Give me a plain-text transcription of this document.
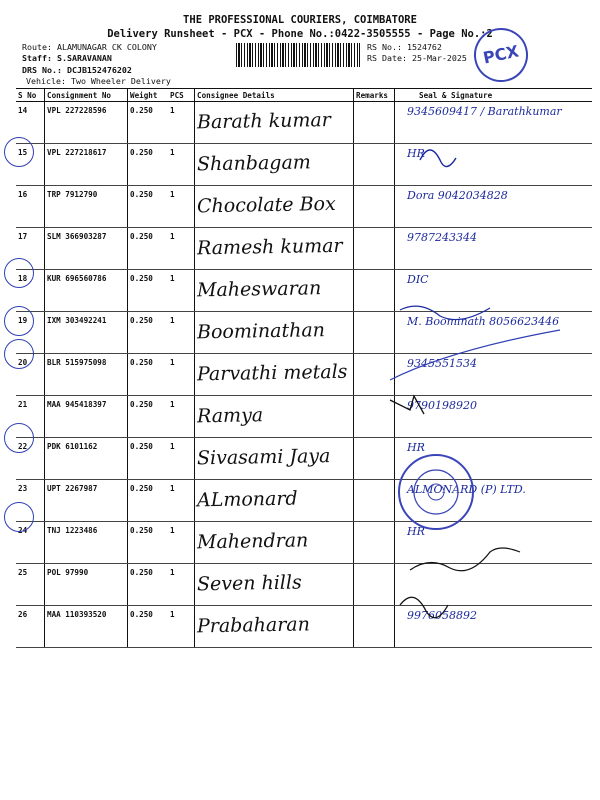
THE PROFESSIONAL COURIERS, COIMBATORE
Delivery Runsheet - PCX - Phone No.:0422-3505555 - Page No.:2
Route: ALAMUNAGAR CK COLONY
Staff: S.SARAVANAN
DRS No.: DCJB152476202
Vehicle: Two Wheeler Delivery
RS No.: 1524762
RS Date: 25-Mar-2025 PCX
S No	Consignment No	Weight	PCS	Consignee Details	Remarks	Seal & Signature
14	VPL 227228596	0.250	1	Barath kumar		9345609417 / Barathkumar

15	VPL 227218617	0.250	1	Shanbagam		HR

16	TRP 7912790	0.250	1	Chocolate Box		Dora 9042034828

17	SLM 366903287	0.250	1	Ramesh kumar		9787243344

18	KUR 696560786	0.250	1	Maheswaran		DIC

19	IXM 303492241	0.250	1	Boominathan		M. Boominath 8056623446

20	BLR 515975098	0.250	1	Parvathi metals		9345551534

21	MAA 945418397	0.250	1	Ramya		9790198920

22	PDK 6101162	0.250	1	Sivasami Jaya		HR

23	UPT 2267987	0.250	1	ALmonard		ALMONARD (P) LTD.

24	TNJ 1223486	0.250	1	Mahendran		HR

25	POL 97990	0.250	1	Seven hills		

26	MAA 110393520	0.250	1	Prabaharan		9976058892
